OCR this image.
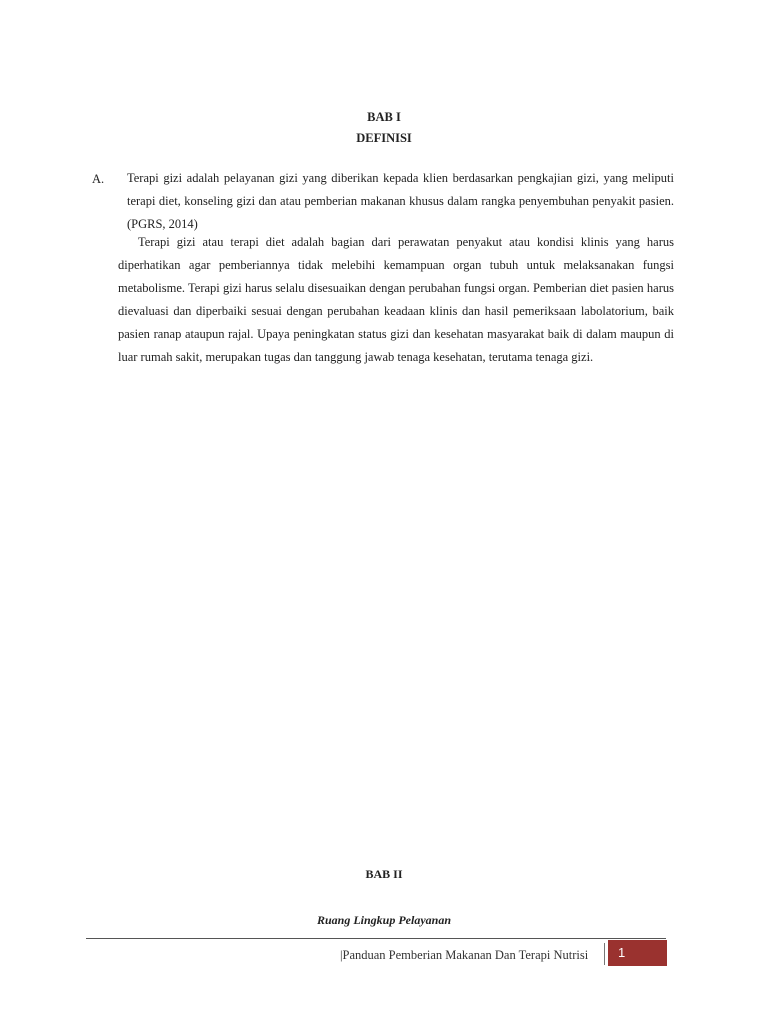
BAB I
DEFINISI
A. Terapi gizi adalah pelayanan gizi yang diberikan kepada klien berdasarkan pengkajian gizi, yang meliputi terapi diet, konseling gizi dan atau pemberian makanan khusus dalam rangka penyembuhan penyakit pasien. (PGRS, 2014)

Terapi gizi atau terapi diet adalah bagian dari perawatan penyakut atau kondisi klinis yang harus diperhatikan agar pemberiannya tidak melebihi kemampuan organ tubuh untuk melaksanakan fungsi metabolisme. Terapi gizi harus selalu disesuaikan dengan perubahan fungsi organ. Pemberian diet pasien harus dievaluasi dan diperbaiki sesuai dengan perubahan keadaan klinis dan hasil pemeriksaan labolatorium, baik pasien ranap ataupun rajal. Upaya peningkatan status gizi dan kesehatan masyarakat baik di dalam maupun di luar rumah sakit, merupakan tugas dan tanggung jawab tenaga kesehatan, terutama tenaga gizi.

BAB II
Ruang Lingkup Pelayanan
|Panduan Pemberian Makanan Dan Terapi Nutrisi	1
